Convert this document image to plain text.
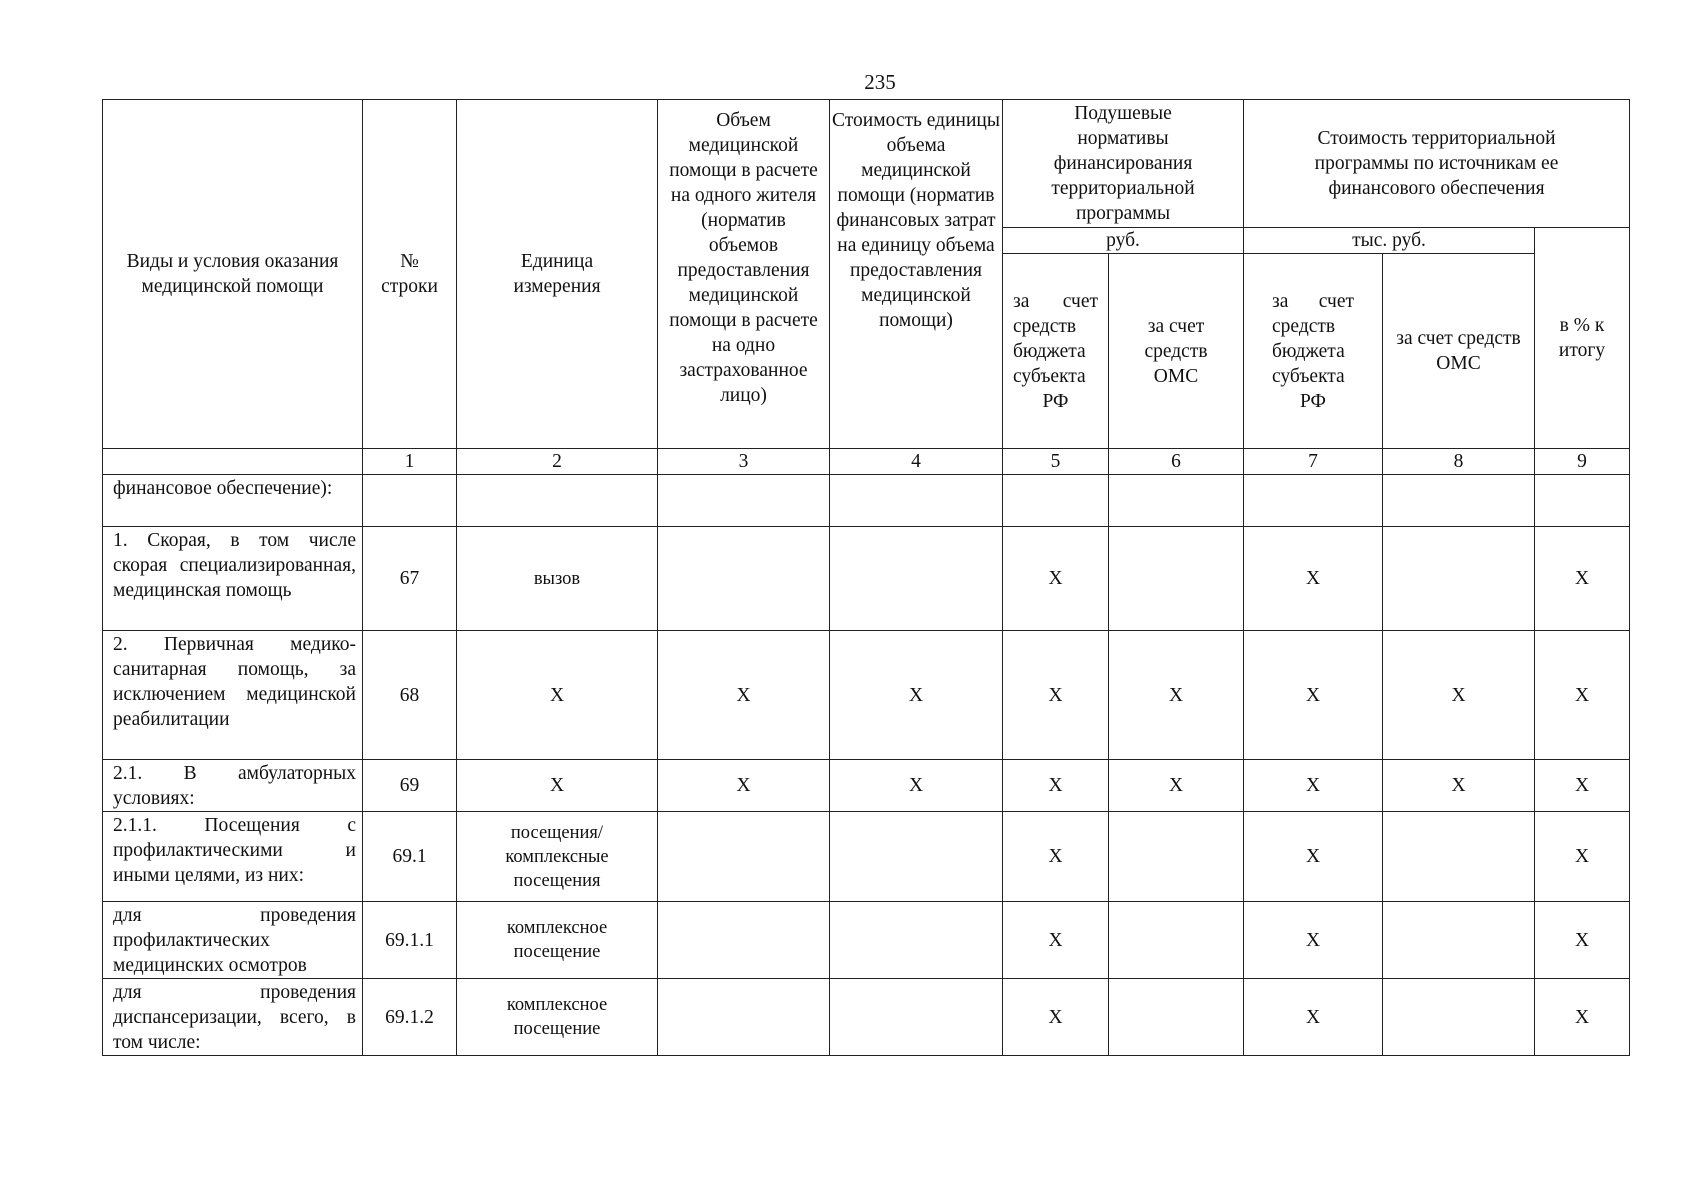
235
Виды и условия оказания медицинской помощи	№ строки	Единица измерения	Объем медицинской помощи в расчете на одного жителя (норматив объемов предоставления медицинской помощи в расчете на одно застрахованное лицо)	Стоимость единицы объема медицинской помощи (норматив финансовых затрат на единицу объема предоставления медицинской помощи)	Подушевые нормативы финансирования территориальной программы		Стоимость территориальной программы по источникам ее финансового обеспечения		
					руб.		тыс. руб.		в % к итогу
					за счет средств бюджета субъекта РФ	за счет средств ОМС	за счет средств бюджета субъекта РФ	за счет средств ОМС	
	1	2	3	4	5	6	7	8	9
финансовое обеспечение):									
1. Скорая, в том числе скорая специализированная, медицинская помощь	67	вызов			Х		Х		Х
2. Первичная медико-санитарная помощь, за исключением медицинской реабилитации	68	Х	Х	Х	Х	Х	Х	Х	Х
2.1. В амбулаторных условиях:	69	Х	Х	Х	Х	Х	Х	Х	Х
2.1.1. Посещения с профилактическими и иными целями, из них:	69.1	посещения/ комплексные посещения			Х		Х		Х
для проведения профилактических медицинских осмотров	69.1.1	комплексное посещение			Х		Х		Х
для проведения диспансеризации, всего, в том числе:	69.1.2	комплексное посещение			Х		Х		Х
